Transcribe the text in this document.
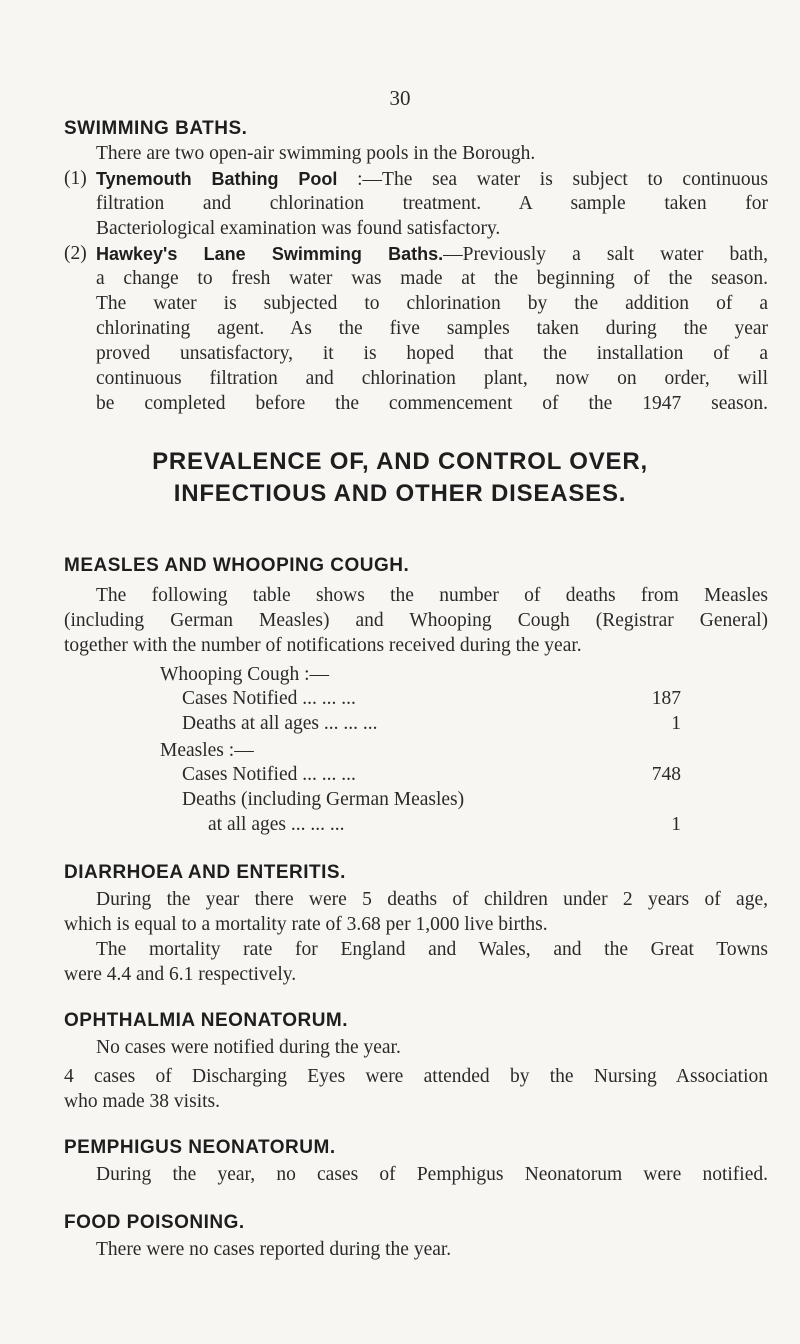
30
SWIMMING BATHS.
There are two open-air swimming pools in the Borough.
(1) Tynemouth Bathing Pool :—The sea water is subject to continuous
filtration and chlorination treatment. A sample taken for
Bacteriological examination was found satisfactory.
(2) Hawkey's Lane Swimming Baths.—Previously a salt water bath,
a change to fresh water was made at the beginning of the season.
The water is subjected to chlorination by the addition of a
chlorinating agent. As the five samples taken during the year
proved unsatisfactory, it is hoped that the installation of a
continuous filtration and chlorination plant, now on order, will
be completed before the commencement of the 1947 season.
PREVALENCE OF, AND CONTROL OVER,
INFECTIOUS AND OTHER DISEASES.
MEASLES AND WHOOPING COUGH.
The following table shows the number of deaths from Measles
(including German Measles) and Whooping Cough (Registrar General)
together with the number of notifications received during the year.
Whooping Cough :—
Cases Notified ... ... ...	187
Deaths at all ages ... ... ...	1
Measles :—
Cases Notified ... ... ...	748
Deaths (including German Measles)
at all ages ... ... ...	1
DIARRHOEA AND ENTERITIS.
During the year there were 5 deaths of children under 2 years of age,
which is equal to a mortality rate of 3.68 per 1,000 live births.
The mortality rate for England and Wales, and the Great Towns
were 4.4 and 6.1 respectively.
OPHTHALMIA NEONATORUM.
No cases were notified during the year.
4 cases of Discharging Eyes were attended by the Nursing Association
who made 38 visits.
PEMPHIGUS NEONATORUM.
During the year, no cases of Pemphigus Neonatorum were notified.
FOOD POISONING.
There were no cases reported during the year.
